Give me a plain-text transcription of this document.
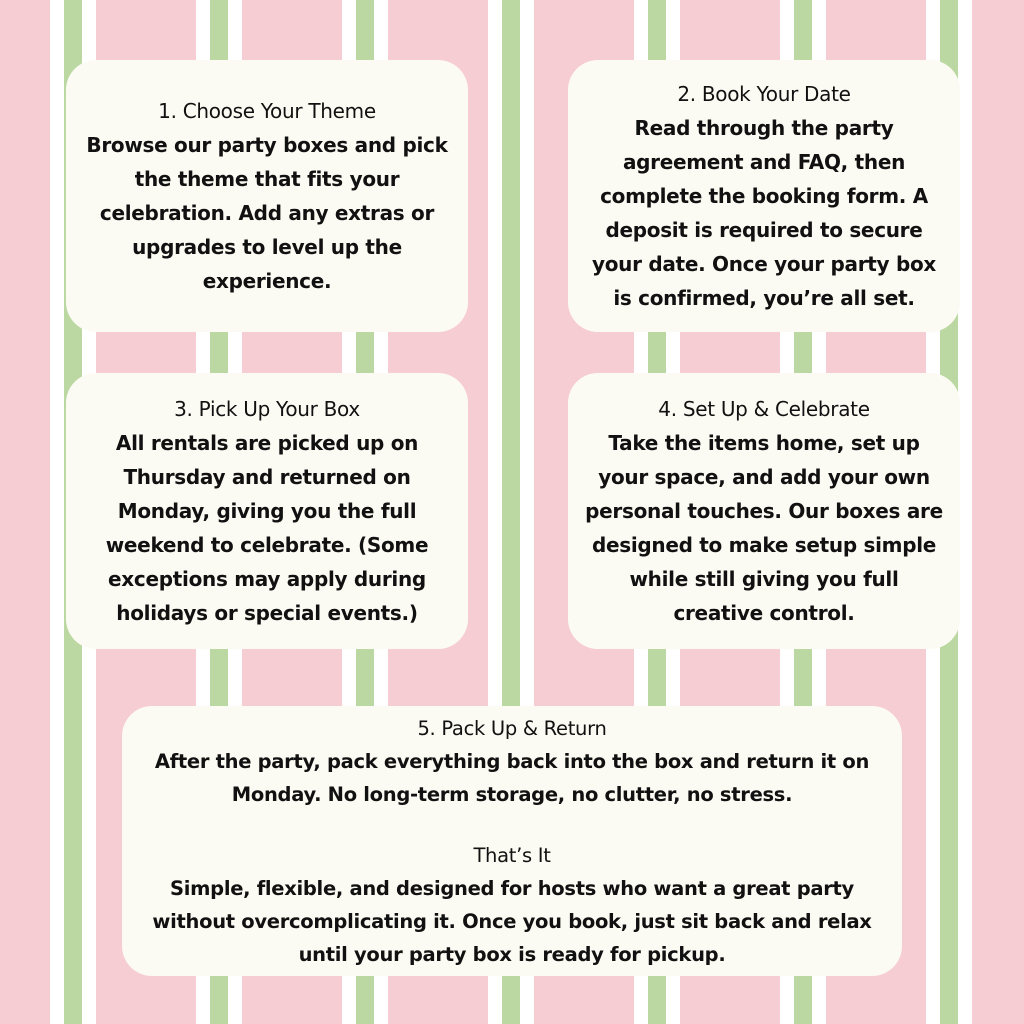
1. Choose Your Theme

Browse our party boxes and pick the theme that fits your celebration. Add any extras or upgrades to level up the experience.

2. Book Your Date

Read through the party agreement and FAQ, then complete the booking form. A deposit is required to secure your date. Once your party box is confirmed, you’re all set.

3. Pick Up Your Box

All rentals are picked up on Thursday and returned on Monday, giving you the full weekend to celebrate. (Some exceptions may apply during holidays or special events.)

4. Set Up & Celebrate

Take the items home, set up your space, and add your own personal touches. Our boxes are designed to make setup simple while still giving you full creative control.

5. Pack Up & Return

After the party, pack everything back into the box and return it on Monday. No long-term storage, no clutter, no stress.

That’s It

Simple, flexible, and designed for hosts who want a great party without overcomplicating it. Once you book, just sit back and relax until your party box is ready for pickup.
